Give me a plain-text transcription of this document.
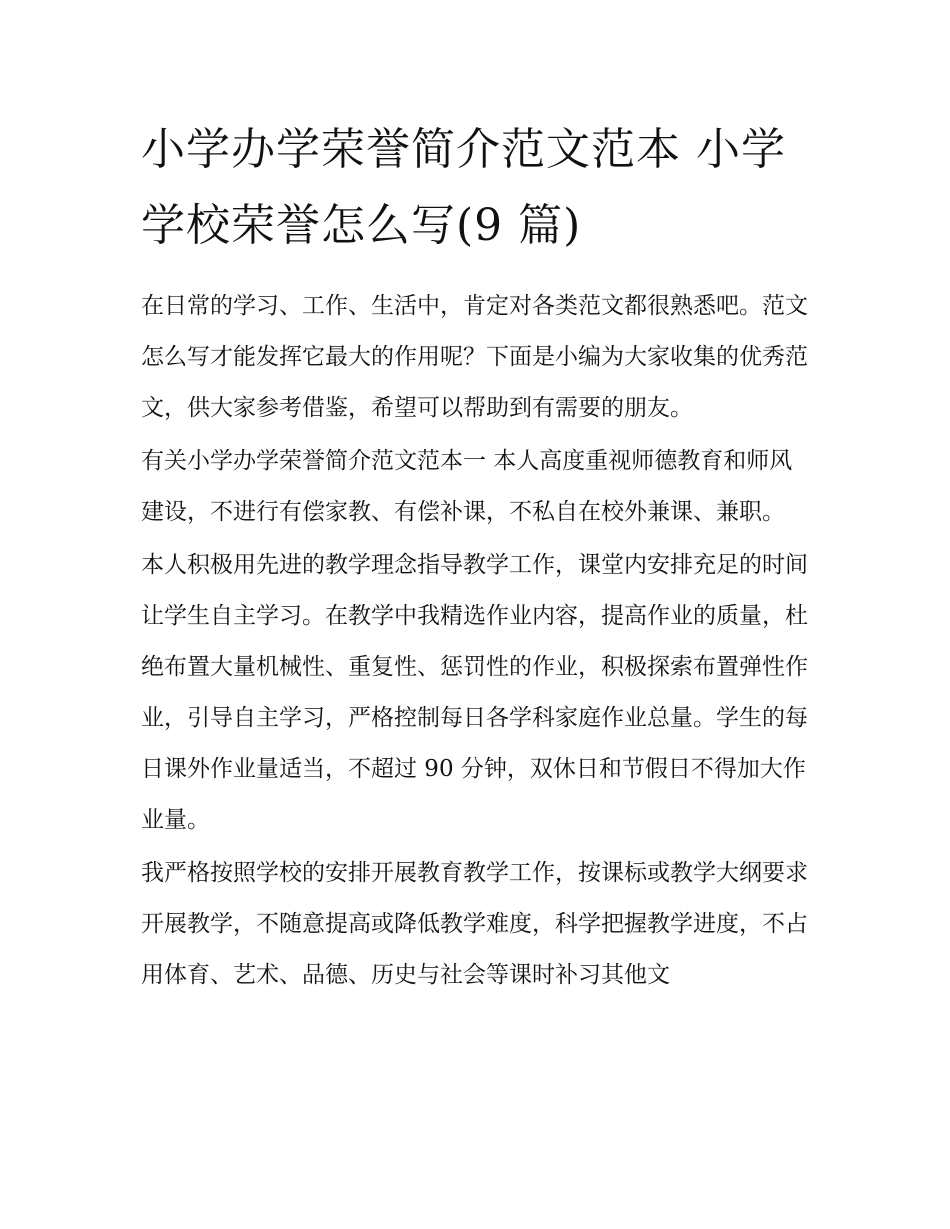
小学办学荣誉简介范文范本 小学学校荣誉怎么写(9 篇)

在日常的学习、工作、生活中，肯定对各类范文都很熟悉吧。范文怎么写才能发挥它最大的作用呢？下面是小编为大家收集的优秀范文，供大家参考借鉴，希望可以帮助到有需要的朋友。

有关小学办学荣誉简介范文范本一 本人高度重视师德教育和师风建设，不进行有偿家教、有偿补课，不私自在校外兼课、兼职。

本人积极用先进的教学理念指导教学工作，课堂内安排充足的时间让学生自主学习。在教学中我精选作业内容，提高作业的质量，杜绝布置大量机械性、重复性、惩罚性的作业，积极探索布置弹性作业，引导自主学习，严格控制每日各学科家庭作业总量。学生的每日课外作业量适当，不超过 90 分钟，双休日和节假日不得加大作业量。

我严格按照学校的安排开展教育教学工作，按课标或教学大纲要求开展教学，不随意提高或降低教学难度，科学把握教学进度，不占用体育、艺术、品德、历史与社会等课时补习其他文
